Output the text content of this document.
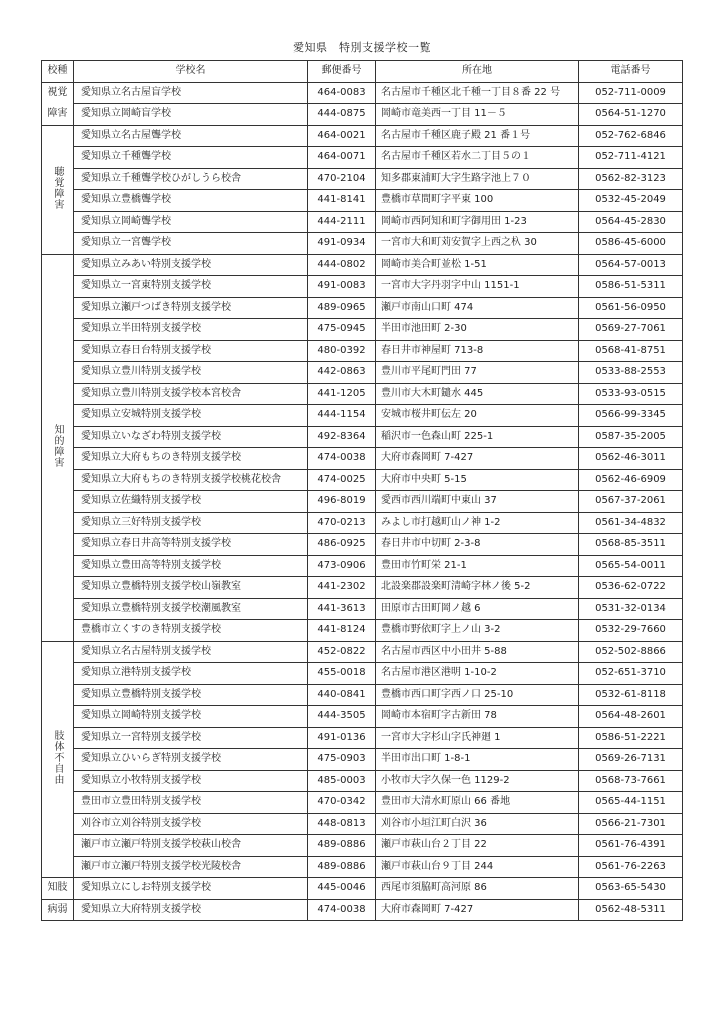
愛知県　特別支援学校一覧
校種	学校名	郵便番号	所在地	電話番号
視覚	愛知県立名古屋盲学校	464-0083	名古屋市千種区北千種一丁目８番 22 号	052-711-0009
障害	愛知県立岡崎盲学校	444-0875	岡崎市竜美西一丁目 11－５	0564-51-1270
聴覚障害	愛知県立名古屋聾学校	464-0021	名古屋市千種区鹿子殿 21 番１号	052-762-6846
	愛知県立千種聾学校	464-0071	名古屋市千種区若水二丁目５の１	052-711-4121
	愛知県立千種聾学校ひがしうら校舎	470-2104	知多郡東浦町大字生路字池上７０	0562-82-3123
	愛知県立豊橋聾学校	441-8141	豊橋市草間町字平東 100	0532-45-2049
	愛知県立岡崎聾学校	444-2111	岡崎市西阿知和町字御用田 1-23	0564-45-2830
	愛知県立一宮聾学校	491-0934	一宮市大和町苅安賀字上西之杁 30	0586-45-6000
知的障害	愛知県立みあい特別支援学校	444-0802	岡崎市美合町並松 1-51	0564-57-0013
	愛知県立一宮東特別支援学校	491-0083	一宮市大字丹羽字中山 1151-1	0586-51-5311
	愛知県立瀬戸つばき特別支援学校	489-0965	瀬戸市南山口町 474	0561-56-0950
	愛知県立半田特別支援学校	475-0945	半田市池田町 2-30	0569-27-7061
	愛知県立春日台特別支援学校	480-0392	春日井市神屋町 713-8	0568-41-8751
	愛知県立豊川特別支援学校	442-0863	豊川市平尾町門田 77	0533-88-2553
	愛知県立豊川特別支援学校本宮校舎	441-1205	豊川市大木町鑓水 445	0533-93-0515
	愛知県立安城特別支援学校	444-1154	安城市桜井町伝左 20	0566-99-3345
	愛知県立いなざわ特別支援学校	492-8364	稲沢市一色森山町 225-1	0587-35-2005
	愛知県立大府もちのき特別支援学校	474-0038	大府市森岡町 7-427	0562-46-3011
	愛知県立大府もちのき特別支援学校桃花校舎	474-0025	大府市中央町 5-15	0562-46-6909
	愛知県立佐織特別支援学校	496-8019	愛西市西川端町中東山 37	0567-37-2061
	愛知県立三好特別支援学校	470-0213	みよし市打越町山ノ神 1-2	0561-34-4832
	愛知県立春日井高等特別支援学校	486-0925	春日井市中切町 2-3-8	0568-85-3511
	愛知県立豊田高等特別支援学校	473-0906	豊田市竹町栄 21-1	0565-54-0011
	愛知県立豊橋特別支援学校山嶺教室	441-2302	北設楽郡設楽町清崎字林ノ後 5-2	0536-62-0722
	愛知県立豊橋特別支援学校潮風教室	441-3613	田原市古田町岡ノ越 6	0531-32-0134
	豊橋市立くすのき特別支援学校	441-8124	豊橋市野依町字上ノ山 3-2	0532-29-7660
肢体不自由	愛知県立名古屋特別支援学校	452-0822	名古屋市西区中小田井 5-88	052-502-8866
	愛知県立港特別支援学校	455-0018	名古屋市港区港明 1-10-2	052-651-3710
	愛知県立豊橋特別支援学校	440-0841	豊橋市西口町字西ノ口 25-10	0532-61-8118
	愛知県立岡崎特別支援学校	444-3505	岡崎市本宿町字古新田 78	0564-48-2601
	愛知県立一宮特別支援学校	491-0136	一宮市大字杉山字氏神廻 1	0586-51-2221
	愛知県立ひいらぎ特別支援学校	475-0903	半田市出口町 1-8-1	0569-26-7131
	愛知県立小牧特別支援学校	485-0003	小牧市大字久保一色 1129-2	0568-73-7661
	豊田市立豊田特別支援学校	470-0342	豊田市大清水町原山 66 番地	0565-44-1151
	刈谷市立刈谷特別支援学校	448-0813	刈谷市小垣江町白沢 36	0566-21-7301
	瀬戸市立瀬戸特別支援学校萩山校舎	489-0886	瀬戸市萩山台２丁目 22	0561-76-4391
	瀬戸市立瀬戸特別支援学校光陵校舎	489-0886	瀬戸市萩山台９丁目 244	0561-76-2263
知肢	愛知県立にしお特別支援学校	445-0046	西尾市須脇町高河原 86	0563-65-5430
病弱	愛知県立大府特別支援学校	474-0038	大府市森岡町 7-427	0562-48-5311
